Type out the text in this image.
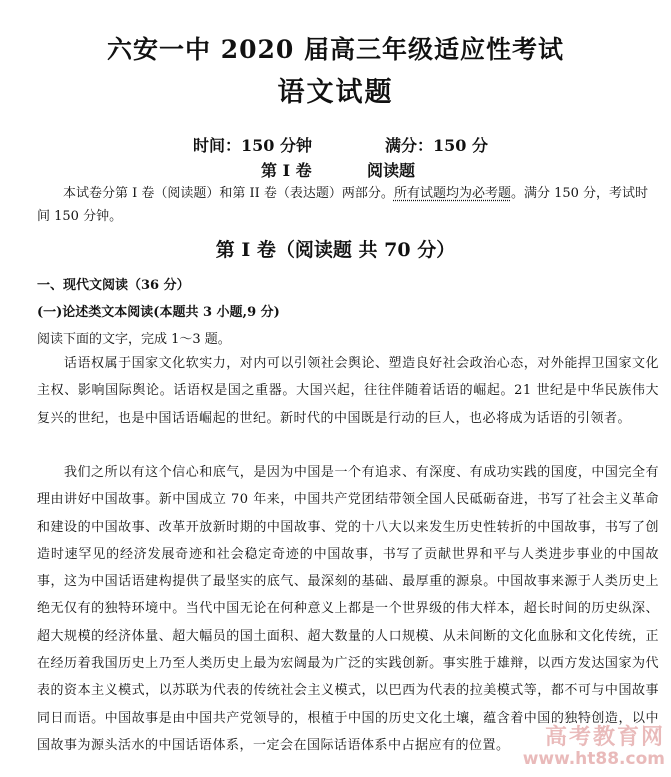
六安一中 2020 届高三年级适应性考试
语文试题
时间：150 分钟	满分：150 分
第 I 卷	阅读题

本试卷分第 I 卷（阅读题）和第 II 卷（表达题）两部分。所有试题均为必考题。满分 150 分，考试时间 150 分钟。

第 I 卷（阅读题 共 70 分）
一、现代文阅读（36 分）
(一)论述类文本阅读(本题共 3 小题,9 分)
阅读下面的文字，完成 1～3 题。

话语权属于国家文化软实力，对内可以引领社会舆论、塑造良好社会政治心态，对外能捍卫国家文化主权、影响国际舆论。话语权是国之重器。大国兴起，往往伴随着话语的崛起。21 世纪是中华民族伟大复兴的世纪，也是中国话语崛起的世纪。新时代的中国既是行动的巨人，也必将成为话语的引领者。

我们之所以有这个信心和底气，是因为中国是一个有追求、有深度、有成功实践的国度，中国完全有理由讲好中国故事。新中国成立 70 年来，中国共产党团结带领全国人民砥砺奋进，书写了社会主义革命和建设的中国故事、改革开放新时期的中国故事、党的十八大以来发生历史性转折的中国故事，书写了创造时速罕见的经济发展奇迹和社会稳定奇迹的中国故事，书写了贡献世界和平与人类进步事业的中国故事，这为中国话语建构提供了最坚实的底气、最深刻的基础、最厚重的源泉。中国故事来源于人类历史上绝无仅有的独特环境中。当代中国无论在何种意义上都是一个世界级的伟大样本，超长时间的历史纵深、超大规模的经济体量、超大幅员的国土面积、超大数量的人口规模、从未间断的文化血脉和文化传统，正在经历着我国历史上乃至人类历史上最为宏阔最为广泛的实践创新。事实胜于雄辩，以西方发达国家为代表的资本主义模式，以苏联为代表的传统社会主义模式，以巴西为代表的拉美模式等，都不可与中国故事同日而语。中国故事是由中国共产党领导的，根植于中国的历史文化土壤，蕴含着中国的独特创造，以中国故事为源头活水的中国话语体系，一定会在国际话语体系中占据应有的位置。	高考教育网
www.ht88.com
